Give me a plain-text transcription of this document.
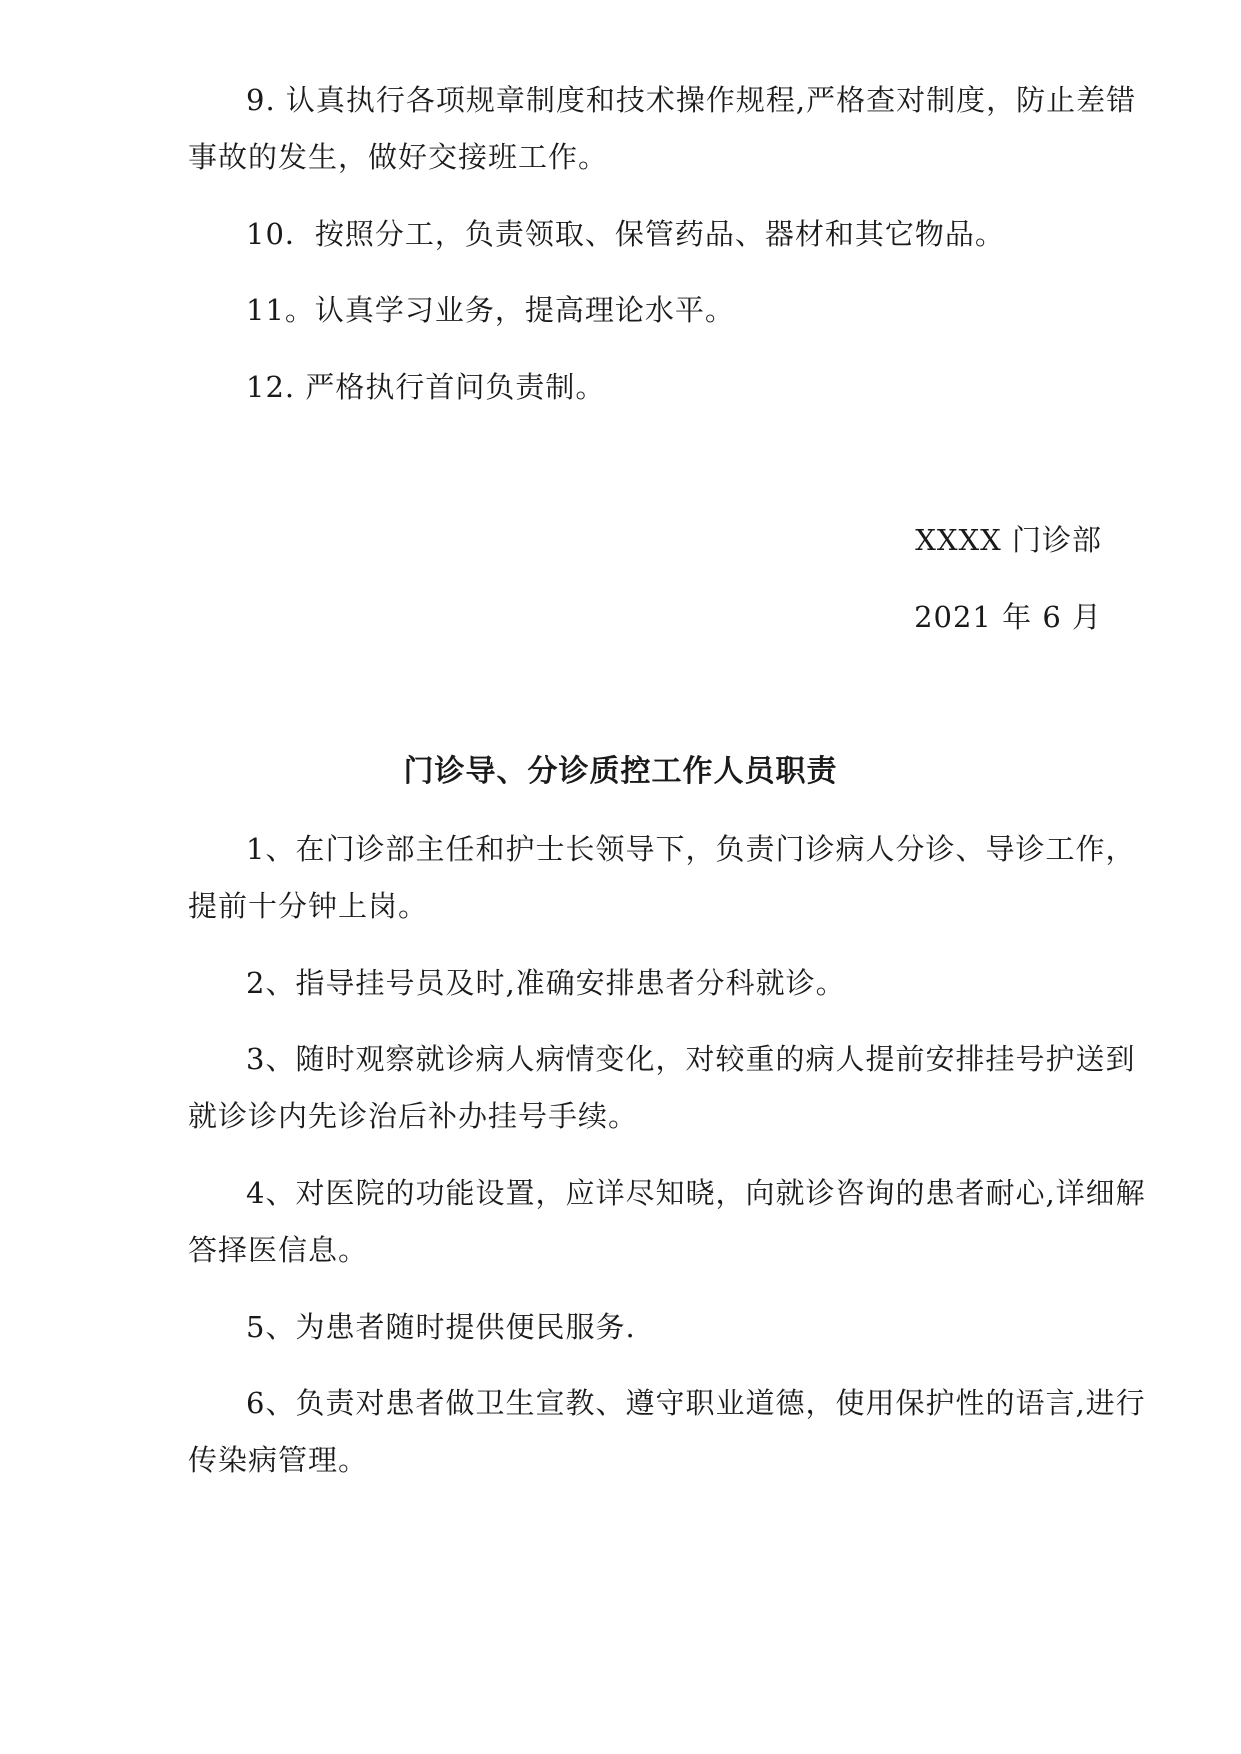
9. 认真执行各项规章制度和技术操作规程,严格查对制度，防止差错
事故的发生，做好交接班工作。
10．按照分工，负责领取、保管药品、器材和其它物品。
11。认真学习业务，提高理论水平。
12. 严格执行首问负责制。
XXXX 门诊部
2021 年 6 月
门诊导、分诊质控工作人员职责
1、在门诊部主任和护士长领导下，负责门诊病人分诊、导诊工作，
提前十分钟上岗。
2、指导挂号员及时,准确安排患者分科就诊。
3、随时观察就诊病人病情变化，对较重的病人提前安排挂号护送到
就诊诊内先诊治后补办挂号手续。
4、对医院的功能设置，应详尽知晓，向就诊咨询的患者耐心,详细解
答择医信息。
5、为患者随时提供便民服务.
6、负责对患者做卫生宣教、遵守职业道德，使用保护性的语言,进行
传染病管理。
